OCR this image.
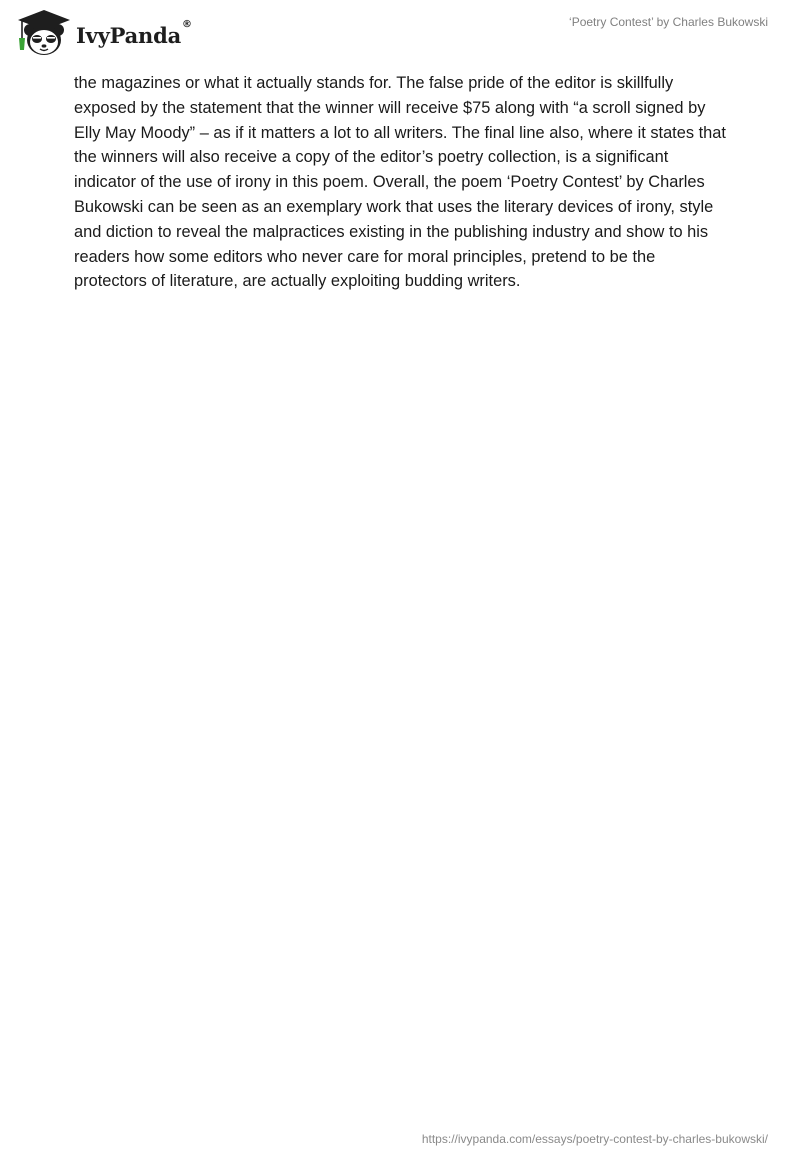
IvyPanda®	‘Poetry Contest’ by Charles Bukowski

the magazines or what it actually stands for. The false pride of the editor is skillfully exposed by the statement that the winner will receive $75 along with “a scroll signed by Elly May Moody” – as if it matters a lot to all writers. The final line also, where it states that the winners will also receive a copy of the editor’s poetry collection, is a significant indicator of the use of irony in this poem. Overall, the poem ‘Poetry Contest’ by Charles Bukowski can be seen as an exemplary work that uses the literary devices of irony, style and diction to reveal the malpractices existing in the publishing industry and show to his readers how some editors who never care for moral principles, pretend to be the protectors of literature, are actually exploiting budding writers.

https://ivypanda.com/essays/poetry-contest-by-charles-bukowski/
